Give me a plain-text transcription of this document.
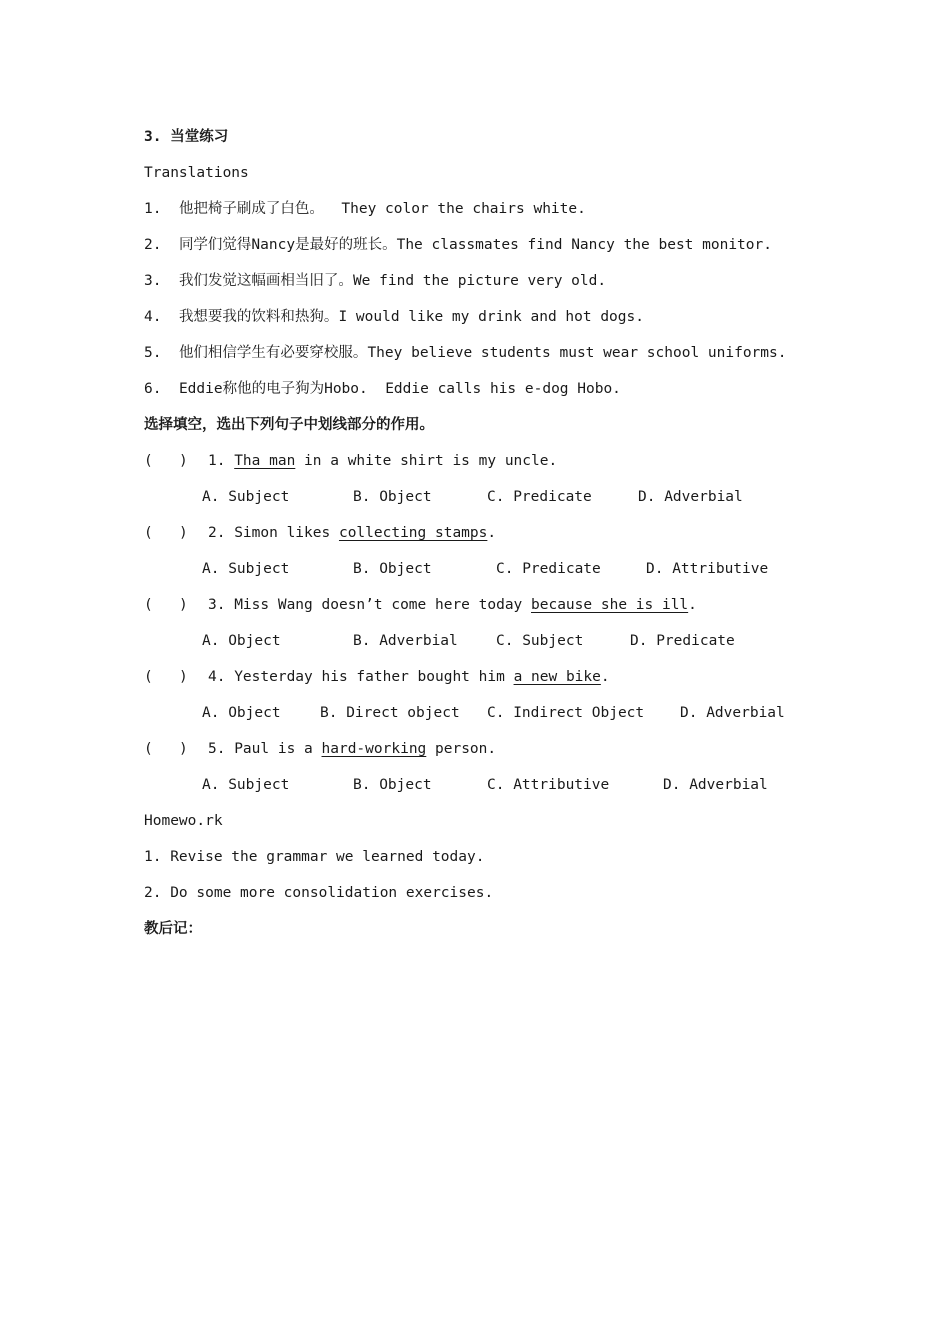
3. 当堂练习
Translations
1. 他把椅子刷成了白色。 They color the chairs white.
2. 同学们觉得Nancy是最好的班长。The classmates find Nancy the best monitor.
3. 我们发觉这幅画相当旧了。We find the picture very old.
4. 我想要我的饮料和热狗。I would like my drink and hot dogs.
5. 他们相信学生有必要穿校服。They believe students must wear school uniforms.
6. Eddie称他的电子狗为Hobo. Eddie calls his e-dog Hobo.
选择填空，选出下列句子中划线部分的作用。
( ) 1. Tha man in a white shirt is my uncle.
A. Subject	B. Object	C. Predicate	D. Adverbial
( ) 2. Simon likes collecting stamps.
A. Subject	B. Object	C. Predicate	D. Attributive
( ) 3. Miss Wang doesn’t come here today because she is ill.
A. Object	B. Adverbial	C. Subject	D. Predicate
( ) 4. Yesterday his father bought him a new bike.
A. Object	B. Direct object C. Indirect Object D. Adverbial
( ) 5. Paul is a hard-working person.
A. Subject	B. Object	C. Attributive	D. Adverbial
Homewo.rk
1. Revise the grammar we learned today.
2. Do some more consolidation exercises.
教后记：
